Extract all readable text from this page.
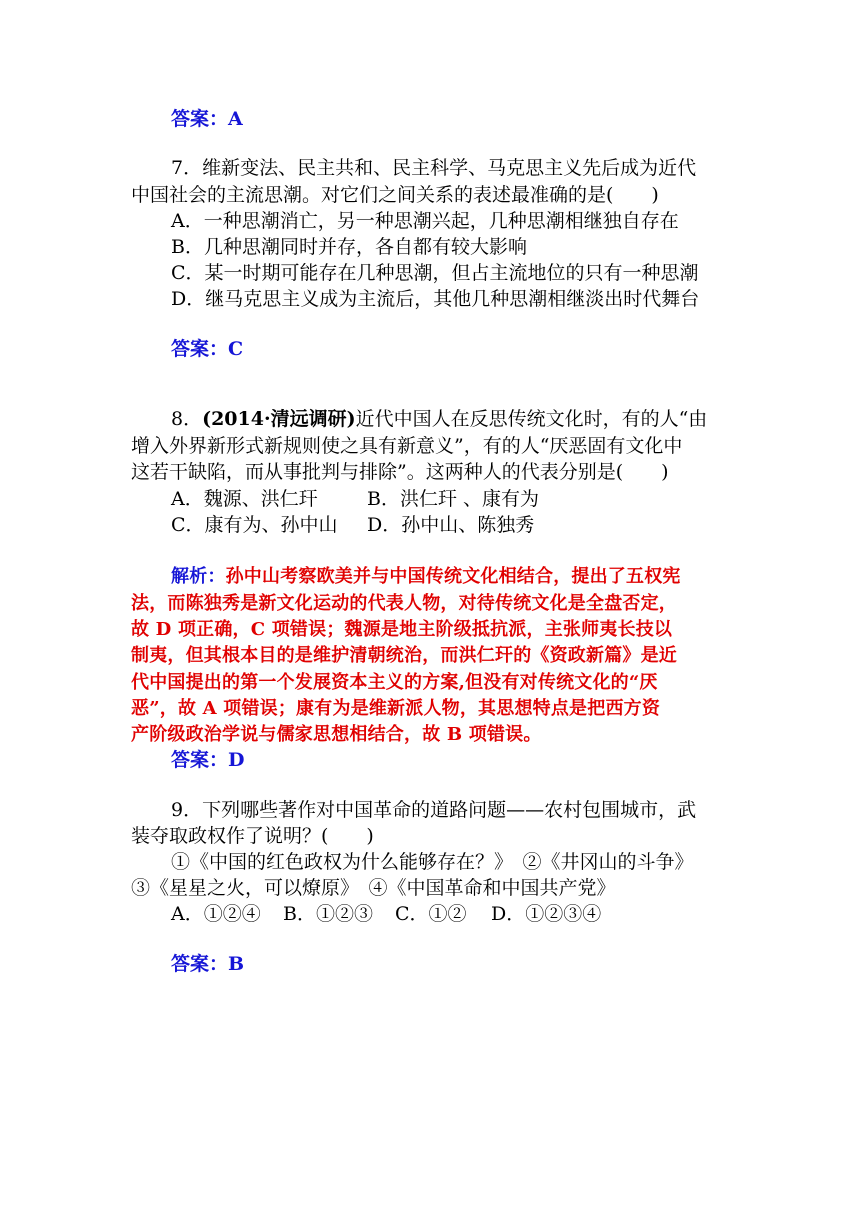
答案：A
7．维新变法、民主共和、民主科学、马克思主义先后成为近代
中国社会的主流思潮。对它们之间关系的表述最准确的是(　　)
A．一种思潮消亡，另一种思潮兴起，几种思潮相继独自存在
B．几种思潮同时并存，各自都有较大影响
C．某一时期可能存在几种思潮，但占主流地位的只有一种思潮
D．继马克思主义成为主流后，其他几种思潮相继淡出时代舞台
答案：C
8．(2014·清远调研)近代中国人在反思传统文化时，有的人“由
增入外界新形式新规则使之具有新意义”，有的人“厌恶固有文化中
这若干缺陷，而从事批判与排除”。这两种人的代表分别是(　　)
A．魏源、洪仁玕	B．洪仁玕 、康有为
C．康有为、孙中山 D．孙中山、陈独秀
解析：孙中山考察欧美并与中国传统文化相结合，提出了五权宪
法，而陈独秀是新文化运动的代表人物，对待传统文化是全盘否定，
故 D 项正确，C 项错误；魏源是地主阶级抵抗派，主张师夷长技以
制夷，但其根本目的是维护清朝统治，而洪仁玕的《资政新篇》是近
代中国提出的第一个发展资本主义的方案,但没有对传统文化的“厌
恶”，故 A 项错误；康有为是维新派人物，其思想特点是把西方资
产阶级政治学说与儒家思想相结合，故 B 项错误。
答案：D
9．下列哪些著作对中国革命的道路问题——农村包围城市，武
装夺取政权作了说明？(　　)
①《中国的红色政权为什么能够存在？》　②《井冈山的斗争》
③《星星之火，可以燎原》　④《中国革命和中国共产党》
A．①②④ B．①②③ C．①② D．①②③④
答案：B
